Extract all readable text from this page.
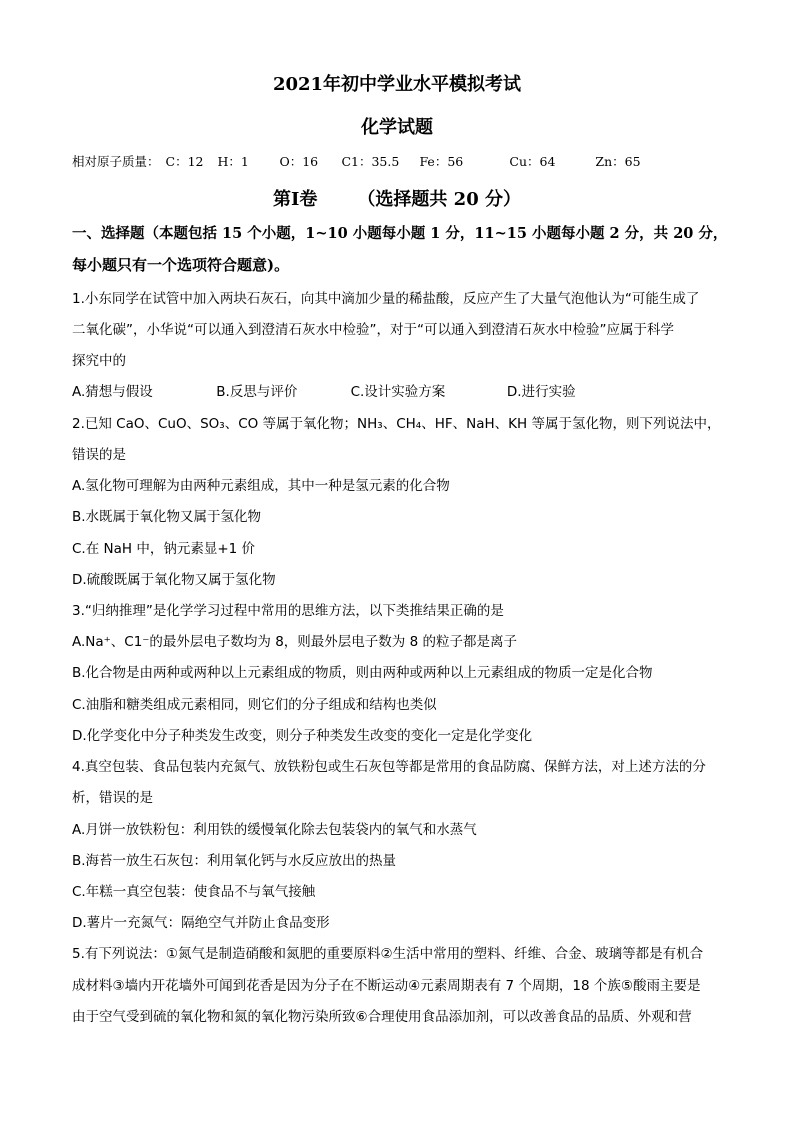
2021年初中学业水平模拟考试
化学试题
相对原子质量： C：12 H：1 O：16 C1：35.5 Fe：56	Cu：64	Zn：65
第Ⅰ卷 （选择题共 20 分）
一、选择题（本题包括 15 个小题，1~10 小题每小题 1 分，11~15 小题每小题 2 分，共 20 分，
每小题只有一个选项符合题意)。
1.小东同学在试管中加入两块石灰石，向其中滴加少量的稀盐酸，反应产生了大量气泡他认为“可能生成了
二氧化碳”，小华说“可以通入到澄清石灰水中检验”，对于“可以通入到澄清石灰水中检验”应属于科学
探究中的
A.猜想与假设	B.反思与评价	C.设计实验方案	D.进行实验
2.已知 CaO、CuO、SO₃、CO 等属于氧化物；NH₃、CH₄、HF、NaH、KH 等属于氢化物，则下列说法中，
错误的是
A.氢化物可理解为由两种元素组成，其中一种是氢元素的化合物
B.水既属于氧化物又属于氢化物
C.在 NaH 中，钠元素显+1 价
D.硫酸既属于氧化物又属于氢化物
3.“归纳推理”是化学学习过程中常用的思维方法，以下类推结果正确的是
A.Na⁺、C1⁻的最外层电子数均为 8，则最外层电子数为 8 的粒子都是离子
B.化合物是由两种或两种以上元素组成的物质，则由两种或两种以上元素组成的物质一定是化合物
C.油脂和糖类组成元素相同，则它们的分子组成和结构也类似
D.化学变化中分子种类发生改变，则分子种类发生改变的变化一定是化学变化
4.真空包装、食品包装内充氮气、放铁粉包或生石灰包等都是常用的食品防腐、保鲜方法，对上述方法的分
析，错误的是
A.月饼一放铁粉包：利用铁的缓慢氧化除去包装袋内的氧气和水蒸气
B.海苔一放生石灰包：利用氧化钙与水反应放出的热量
C.年糕一真空包装：使食品不与氧气接触
D.薯片一充氮气：隔绝空气并防止食品变形
5.有下列说法：①氮气是制造硝酸和氮肥的重要原料②生活中常用的塑料、纤维、合金、玻璃等都是有机合
成材料③墙内开花墙外可闻到花香是因为分子在不断运动④元素周期表有 7 个周期，18 个族⑤酸雨主要是
由于空气受到硫的氧化物和氮的氧化物污染所致⑥合理使用食品添加剂，可以改善食品的品质、外观和营
